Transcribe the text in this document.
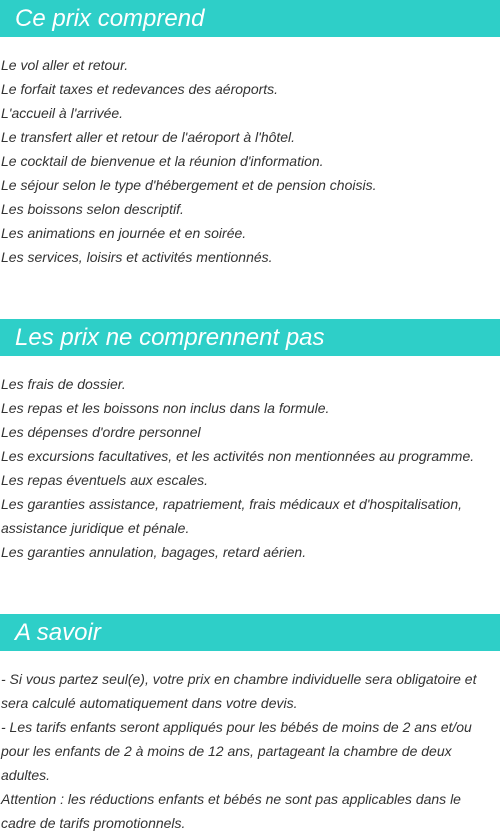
Ce prix comprend
Le vol aller et retour.
Le forfait taxes et redevances des aéroports.
L'accueil à l'arrivée.
Le transfert aller et retour de l'aéroport à l'hôtel.
Le cocktail de bienvenue et la réunion d'information.
Le séjour selon le type d'hébergement et de pension choisis.
Les boissons selon descriptif.
Les animations en journée et en soirée.
Les services, loisirs et activités mentionnés.
Les prix ne comprennent pas
Les frais de dossier.
Les repas et les boissons non inclus dans la formule.
Les dépenses d'ordre personnel
Les excursions facultatives, et les activités non mentionnées au programme.
Les repas éventuels aux escales.
Les garanties assistance, rapatriement, frais médicaux et d'hospitalisation, assistance juridique et pénale.
Les garanties annulation, bagages, retard aérien.
A savoir
- Si vous partez seul(e), votre prix en chambre individuelle sera obligatoire et sera calculé automatiquement dans votre devis.
- Les tarifs enfants seront appliqués pour les bébés de moins de 2 ans et/ou pour les enfants de 2 à moins de 12 ans, partageant la chambre de deux adultes.
Attention : les réductions enfants et bébés ne sont pas applicables dans le cadre de tarifs promotionnels.
